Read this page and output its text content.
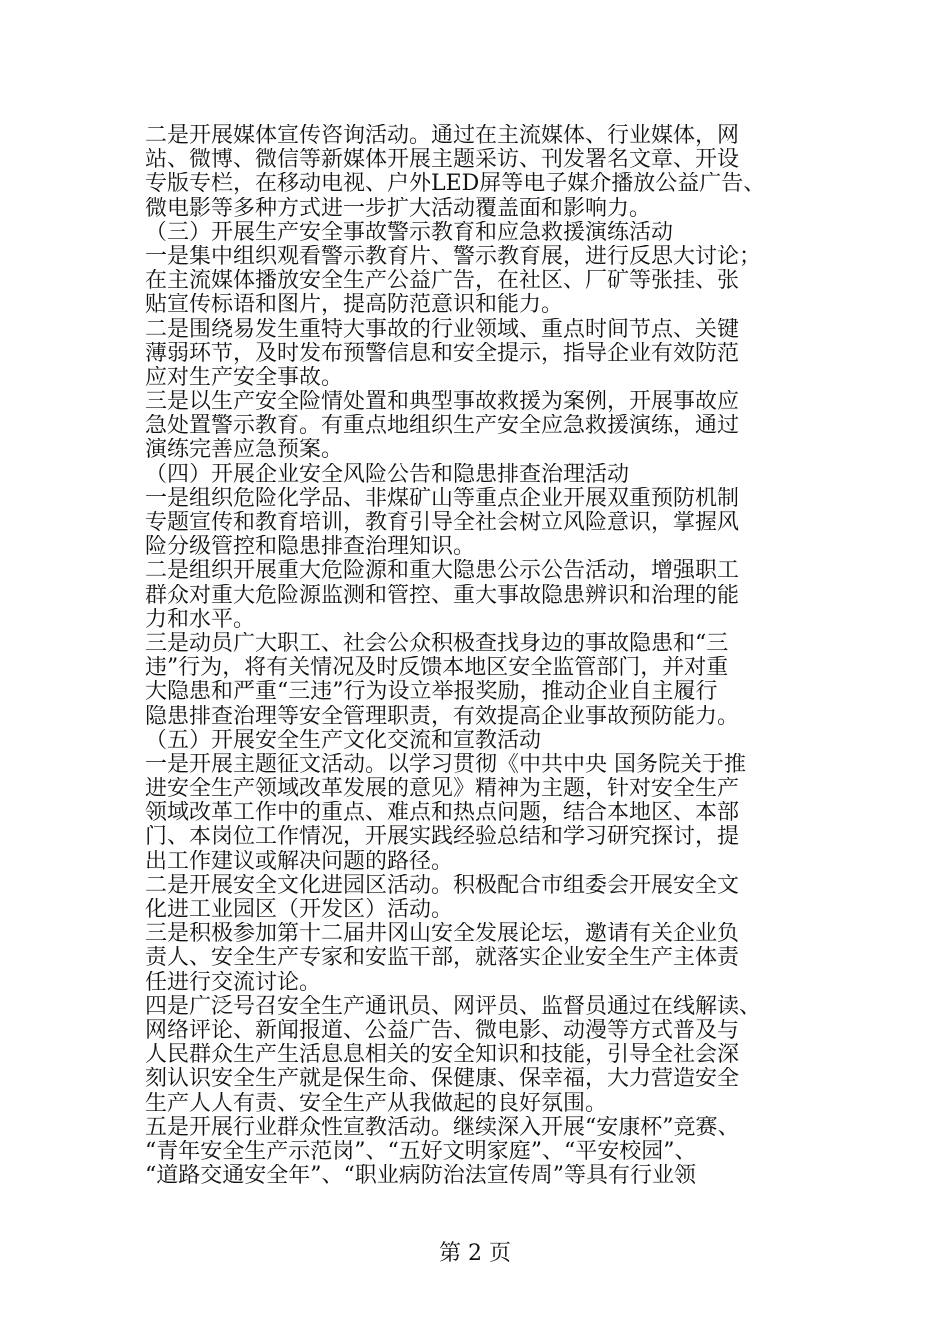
二是开展媒体宣传咨询活动。通过在主流媒体、行业媒体，网
站、微博、微信等新媒体开展主题采访、刊发署名文章、开设
专版专栏，在移动电视、户外LED屏等电子媒介播放公益广告、
微电影等多种方式进一步扩大活动覆盖面和影响力。
（三）开展生产安全事故警示教育和应急救援演练活动
一是集中组织观看警示教育片、警示教育展，进行反思大讨论；
在主流媒体播放安全生产公益广告，在社区、厂矿等张挂、张
贴宣传标语和图片，提高防范意识和能力。
二是围绕易发生重特大事故的行业领域、重点时间节点、关键
薄弱环节，及时发布预警信息和安全提示，指导企业有效防范
应对生产安全事故。
三是以生产安全险情处置和典型事故救援为案例，开展事故应
急处置警示教育。有重点地组织生产安全应急救援演练，通过
演练完善应急预案。
（四）开展企业安全风险公告和隐患排查治理活动
一是组织危险化学品、非煤矿山等重点企业开展双重预防机制
专题宣传和教育培训，教育引导全社会树立风险意识，掌握风
险分级管控和隐患排查治理知识。
二是组织开展重大危险源和重大隐患公示公告活动，增强职工
群众对重大危险源监测和管控、重大事故隐患辨识和治理的能
力和水平。
三是动员广大职工、社会公众积极查找身边的事故隐患和“三
违”行为，将有关情况及时反馈本地区安全监管部门，并对重
大隐患和严重“三违”行为设立举报奖励，推动企业自主履行
隐患排查治理等安全管理职责，有效提高企业事故预防能力。
（五）开展安全生产文化交流和宣教活动
一是开展主题征文活动。以学习贯彻《中共中央 国务院关于推
进安全生产领域改革发展的意见》精神为主题，针对安全生产
领域改革工作中的重点、难点和热点问题，结合本地区、本部
门、本岗位工作情况，开展实践经验总结和学习研究探讨，提
出工作建议或解决问题的路径。
二是开展安全文化进园区活动。积极配合市组委会开展安全文
化进工业园区（开发区）活动。
三是积极参加第十二届井冈山安全发展论坛，邀请有关企业负
责人、安全生产专家和安监干部，就落实企业安全生产主体责
任进行交流讨论。
四是广泛号召安全生产通讯员、网评员、监督员通过在线解读、
网络评论、新闻报道、公益广告、微电影、动漫等方式普及与
人民群众生产生活息息相关的安全知识和技能，引导全社会深
刻认识安全生产就是保生命、保健康、保幸福，大力营造安全
生产人人有责、安全生产从我做起的良好氛围。
五是开展行业群众性宣教活动。继续深入开展“安康杯”竞赛、
“青年安全生产示范岗”、“五好文明家庭”、“平安校园”、
“道路交通安全年”、“职业病防治法宣传周”等具有行业领
第 2 页
